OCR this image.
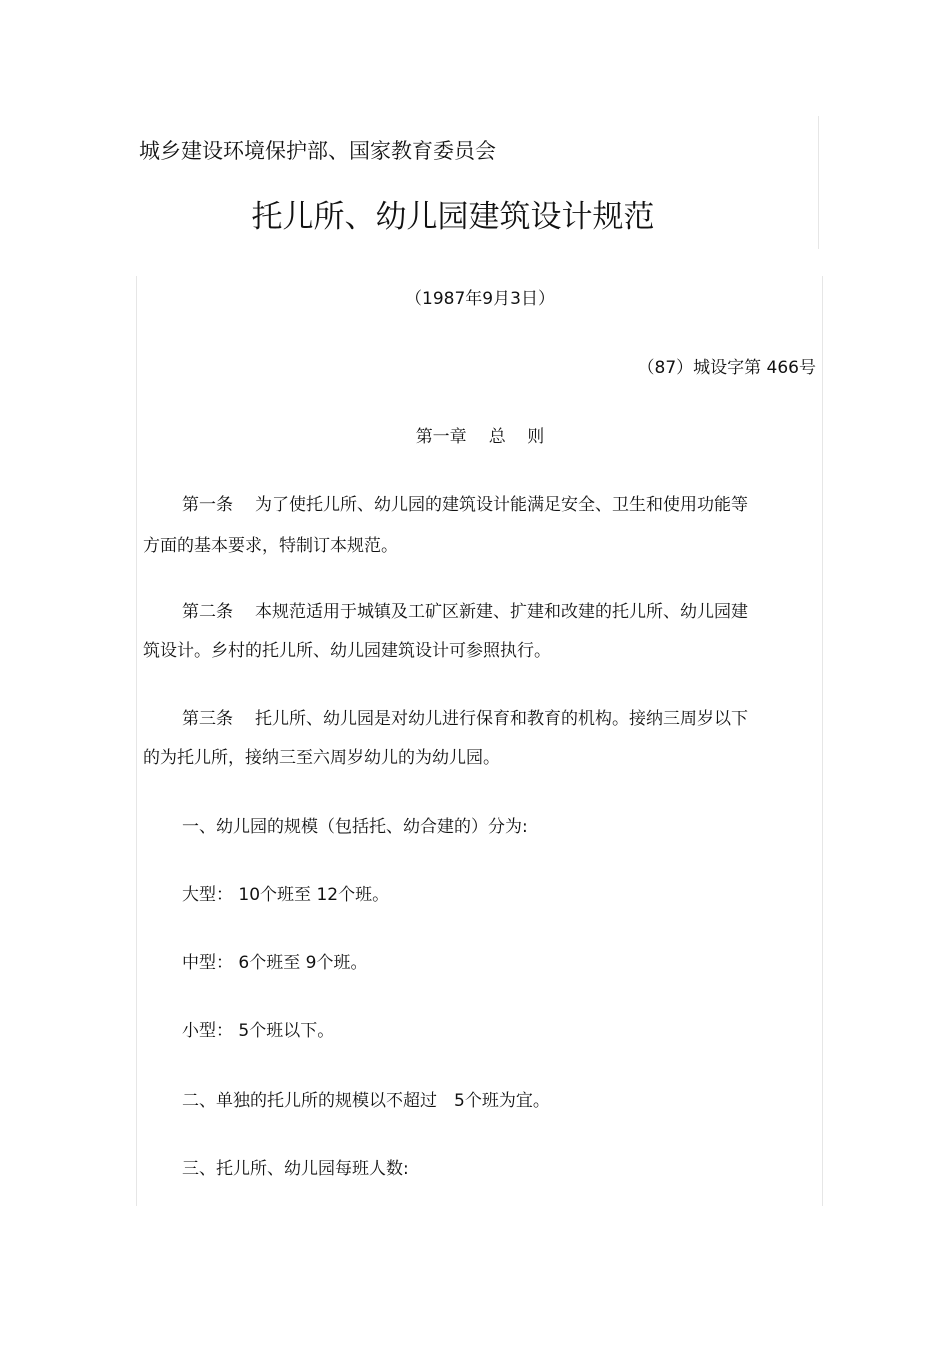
城乡建设环境保护部、国家教育委员会
托儿所、幼儿园建筑设计规范
（1987年9月3日）
（87）城设字第 466号
第一章 总    则
第一条 为了使托儿所、幼儿园的建筑设计能满足安全、卫生和使用功能等
方面的基本要求，特制订本规范。
第二条 本规范适用于城镇及工矿区新建、扩建和改建的托儿所、幼儿园建
筑设计。乡村的托儿所、幼儿园建筑设计可参照执行。
第三条 托儿所、幼儿园是对幼儿进行保育和教育的机构。接纳三周岁以下
的为托儿所，接纳三至六周岁幼儿的为幼儿园。
一、幼儿园的规模（包括托、幼合建的）分为:
大型： 10个班至 12个班。
中型： 6个班至 9个班。
小型： 5个班以下。
二、单独的托儿所的规模以不超过　5个班为宜。
三、托儿所、幼儿园每班人数:
